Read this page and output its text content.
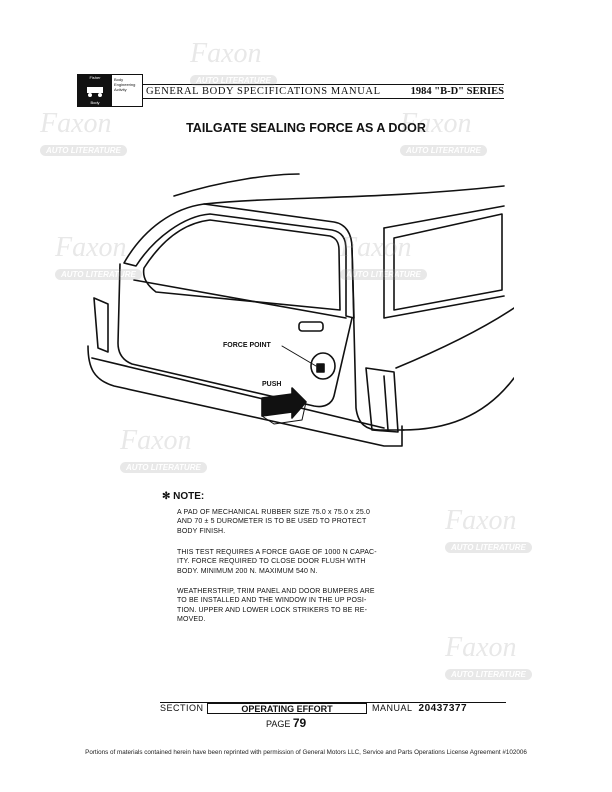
Fisher
Body
Body
Engineering
Activity	GENERAL BODY SPECIFICATIONS MANUAL	1984 "B-D" SERIES
TAILGATE SEALING FORCE AS A DOOR
FORCE POINT
PUSH
Faxon
AUTO LITERATURE
Faxon
AUTO LITERATURE
Faxon
AUTO LITERATURE
Faxon
AUTO LITERATURE
Faxon
AUTO LITERATURE
Faxon
AUTO LITERATURE
Faxon
AUTO LITERATURE
Faxon
AUTO LITERATURE
✻ NOTE:

A PAD OF MECHANICAL RUBBER SIZE 75.0 x 75.0 x 25.0
AND 70 ± 5 DUROMETER IS TO BE USED TO PROTECT
BODY FINISH.

THIS TEST REQUIRES A FORCE GAGE OF 1000 N CAPAC-
ITY. FORCE REQUIRED TO CLOSE DOOR FLUSH WITH
BODY. MINIMUM 200 N. MAXIMUM 540 N.

WEATHERSTRIP, TRIM PANEL AND DOOR BUMPERS ARE
TO BE INSTALLED AND THE WINDOW IN THE UP POSI-
TION. UPPER AND LOWER LOCK STRIKERS TO BE RE-
MOVED.

SECTION	OPERATING EFFORT	MANUAL 20437377
PAGE 79
Portions of materials contained herein have been reprinted with permission of General Motors LLC, Service and Parts Operations License Agreement #102006
